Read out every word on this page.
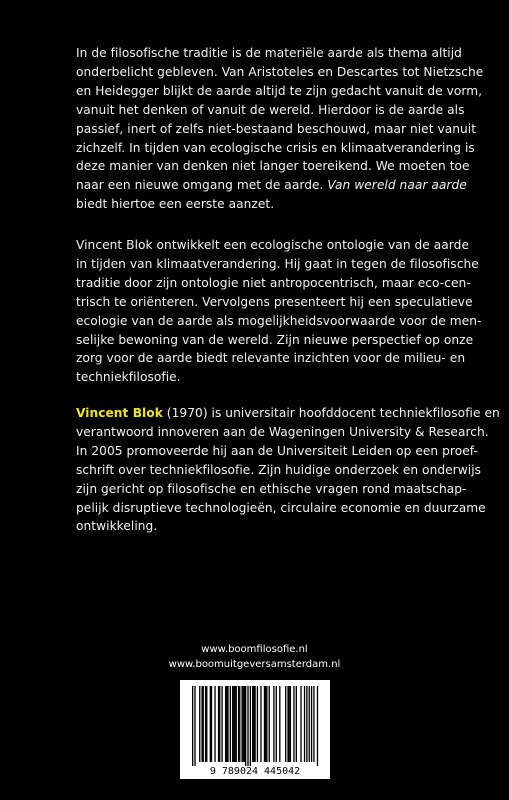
In de filosofische traditie is de materiële aarde als thema altijd
onderbelicht gebleven. Van Aristoteles en Descartes tot Nietzsche
en Heidegger blijkt de aarde altijd te zijn gedacht vanuit de vorm,
vanuit het denken of vanuit de wereld. Hierdoor is de aarde als
passief, inert of zelfs niet-bestaand beschouwd, maar niet vanuit
zichzelf. In tijden van ecologische crisis en klimaatverandering is
deze manier van denken niet langer toereikend. We moeten toe
naar een nieuwe omgang met de aarde. Van wereld naar aarde
biedt hiertoe een eerste aanzet.
Vincent Blok ontwikkelt een ecologische ontologie van de aarde
in tijden van klimaatverandering. Hij gaat in tegen de filosofische
traditie door zijn ontologie niet antropocentrisch, maar eco-cen-
trisch te oriënteren. Vervolgens presenteert hij een speculatieve
ecologie van de aarde als mogelijkheidsvoorwaarde voor de men-
selijke bewoning van de wereld. Zijn nieuwe perspectief op onze
zorg voor de aarde biedt relevante inzichten voor de milieu- en
techniekfilosofie.
Vincent Blok (1970) is universitair hoofddocent techniekfilosofie en
verantwoord innoveren aan de Wageningen University & Research.
In 2005 promoveerde hij aan de Universiteit Leiden op een proef-
schrift over techniekfilosofie. Zijn huidige onderzoek en onderwijs
zijn gericht op filosofische en ethische vragen rond maatschap-
pelijk disruptieve technologieën, circulaire economie en duurzame
ontwikkeling.
www.boomfilosofie.nl
www.boomuitgeversamsterdam.nl
9 789024 445042
